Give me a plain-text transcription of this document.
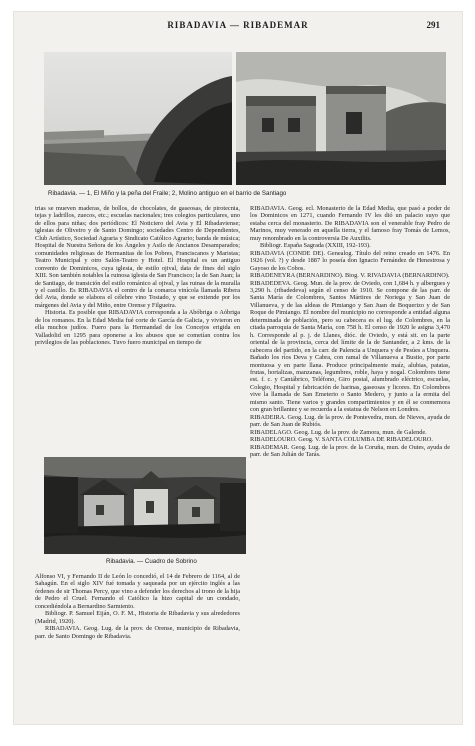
RIBADAVIA — RIBADEMAR	291
Ribadavia. — 1, El Miño y la peña del Fraile; 2, Molino antiguo en el barrio de Santiago

trias se mueven maderas, de bollos, de chocolates, de gaseosas, de pirotecnia, tejas y ladrillos, zuecos, etc.; escuelas nacionales; tres colegios particulares, uno de ellos para niñas; dos periódicos: El Noticiero del Avia y El Ribadaviense; iglesias de Oliveiro y de Santo Domingo; sociedades Centro de Dependientes, Club Artístico, Sociedad Agraria y Sindicato Católico Agrario; banda de música; Hospital de Nuestra Señora de los Ángeles y Asilo de Ancianos Desamparados; comunidades religiosas de Hermanitas de los Pobres, Franciscanos y Maristas; Teatro Municipal y otro Salón-Teatro y Hotel. El Hospital es un antiguo convento de Dominicos, cuya iglesia, de estilo ojival, data de fines del siglo XIII. Son también notables la ruinosa iglesia de San Francisco; la de San Juan; la de Santiago, de transición del estilo románico al ojival, y las ruinas de la muralla y el castillo. Es RIBADAVIA el centro de la comarca vinícola llamada Ribera del Avia, donde se elabora el célebre vino Tostado, y que se extiende por los márgenes del Avia y del Miño, entre Orense y Filgueira.

Historia. Es posible que RIBADAVIA corresponda a la Abóbriga o Aóbriga de los romanos. En la Edad Media fué corte de García de Galicia, y vivieron en ella muchos judíos. Fuero para la Hermandad de los Concejos erigida en Valladolid en 1295 para oponerse a los abusos que se cometían contra los privilegios de las poblaciones. Tuvo fuero municipal en tiempo de

Ribadavia. — Cuadro de Sobrino

Alfonso VI, y Fernando II de León lo concedió, el 14 de Febrero de 1164, al de Sahagún. En el siglo XIV fué tomada y saqueada por un ejército inglés a las órdenes de sir Thomas Percy, que vino a defender los derechos al trono de la hija de Pedro el Cruel. Fernando el Católico la hizo capital de un condado, concediéndola a Bernardino Sarmiento.

Bibliogr. P. Samuel Eiján, O. F. M., Historia de Ribadavia y sus alrededores (Madrid, 1920).

RIBADAVIA. Geog. Lug. de la prov. de Orense, municipio de Ribadavia, parr. de Santo Domingo de Ribadavia.

RIBADAVIA. Geog. ecl. Monasterio de la Edad Media, que pasó a poder de los Dominicos en 1271, cuando Fernando IV les dió un palacio suyo que estaba cerca del monasterio. De RIBADAVIA son el venerable fray Pedro de Marinos, muy venerado en aquella tierra, y el famoso fray Tomás de Lemos, muy renombrado en la controversia De Auxiliis.

Bibliogr. España Sagrada (XXIII, 192-193).

RIBADAVIA (CONDE DE). Genealog. Título del reino creado en 1476. En 1926 (vol. ?) y desde 1887 lo poseía don Ignacio Fernández de Henestrosa y Gayoso de los Cobos.

RIBADENEYRA (BERNARDINO). Biog. V. RIVADAVIA (BERNARDINO).

RIBADEDEVA. Geog. Mun. de la prov. de Oviedo, con 1,684 h. y albergues y 3,290 h. (ribadedeva) según el censo de 1910. Se compone de las parr. de Santa María de Colombres, Santos Mártires de Noriega y San Juan de Villanueva, y de las aldeas de Pimiango y San Juan de Boquerizo y de San Roque de Pimiango. El nombre del municipio no corresponde a entidad alguna determinada de población, pero su cabecera es el lug. de Colombres, en la citada parroquia de Santa María, con 758 h. El censo de 1920 le asigna 3,470 h. Corresponde al p. j. de Llanes, dióc. de Oviedo, y está sit. en la parte oriental de la provincia, cerca del límite de la de Santander, a 2 kms. de la cabecera del partido, en la carr. de Palencia a Unquera y de Pesúes a Unquera. Bañado los ríos Deva y Cabra, con ramal de Villanueva a Bustio, por parte montuosa y en parte llana. Produce principalmente maíz, alubias, patatas, frutas, hortalizas, manzanas, legumbres, roble, haya y nogal. Colombres tiene est. f. c. y Cantábrico, Teléfono, Giro postal, alumbrado eléctrico, escuelas, Colegio, Hospital y fabricación de harinas, gaseosas y licores. En Colombres vive la llamada de San Emeterio o Santo Medero, y junto a la ermita del mismo santo. Tiene varios y grandes compartimientos y en él se conmemora con gran brillantez y se recuerda a la estatua de Nelson en Londres.

RIBADEIRA. Geog. Lug. de la prov. de Pontevedra, mun. de Nieves, ayuda de parr. de San Juan de Rubiós.

RIBADELAGO. Geog. Lug. de la prov. de Zamora, mun. de Galende.

RIBADELOURO. Geog. V. SANTA COLUMBA DE RIBADELOURO.

RIBADEMAR. Geog. Lug. de la prov. de la Coruña, mun. de Outes, ayuda de parr. de San Julián de Tarás.
